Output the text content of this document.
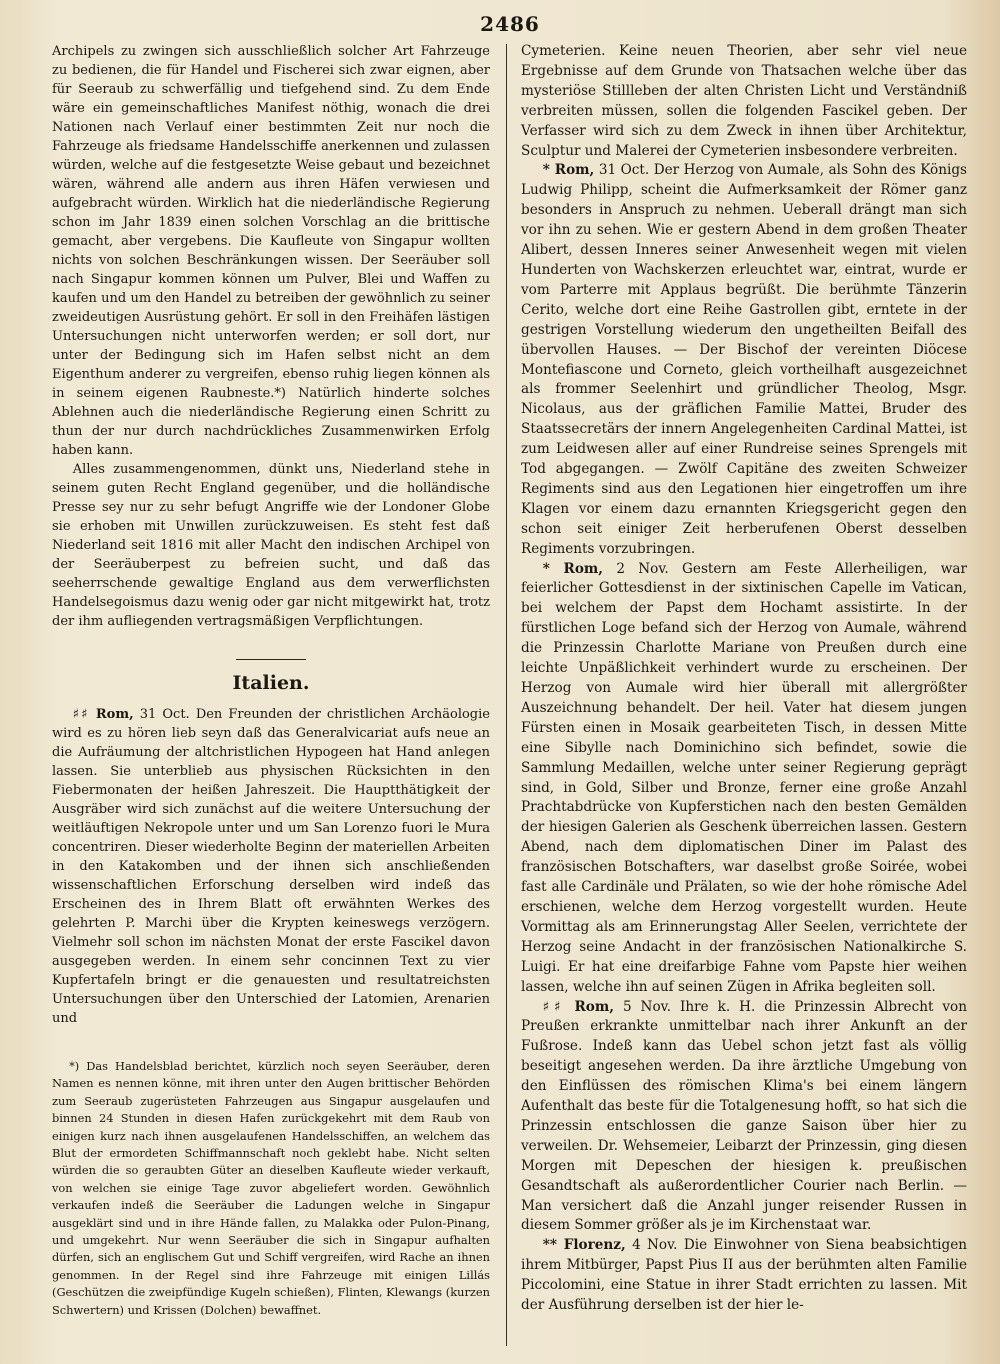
2486

Archipels zu zwingen sich ausschließlich solcher Art Fahrzeuge zu bedienen, die für Handel und Fischerei sich zwar eignen, aber für Seeraub zu schwerfällig und tiefgehend sind. Zu dem Ende wäre ein gemeinschaftliches Manifest nöthig, wonach die drei Nationen nach Verlauf einer bestimmten Zeit nur noch die Fahrzeuge als friedsame Handelsschiffe anerkennen und zulassen würden, welche auf die festgesetzte Weise gebaut und bezeichnet wären, während alle andern aus ihren Häfen verwiesen und aufgebracht würden. Wirklich hat die niederländische Regierung schon im Jahr 1839 einen solchen Vorschlag an die brittische gemacht, aber vergebens. Die Kaufleute von Singapur wollten nichts von solchen Beschränkungen wissen. Der Seeräuber soll nach Singapur kommen können um Pulver, Blei und Waffen zu kaufen und um den Handel zu betreiben der gewöhnlich zu seiner zweideutigen Ausrüstung gehört. Er soll in den Freihäfen lästigen Untersuchungen nicht unterworfen werden; er soll dort, nur unter der Bedingung sich im Hafen selbst nicht an dem Eigenthum anderer zu vergreifen, ebenso ruhig liegen können als in seinem eigenen Raubneste.*) Natürlich hinderte solches Ablehnen auch die niederländische Regierung einen Schritt zu thun der nur durch nachdrückliches Zusammenwirken Erfolg haben kann.

Alles zusammengenommen, dünkt uns, Niederland stehe in seinem guten Recht England gegenüber, und die holländische Presse sey nur zu sehr befugt Angriffe wie der Londoner Globe sie erhoben mit Unwillen zurückzuweisen. Es steht fest daß Niederland seit 1816 mit aller Macht den indischen Archipel von der Seeräuberpest zu befreien sucht, und daß das seeherrschende gewaltige England aus dem verwerflichsten Handelsegoismus dazu wenig oder gar nicht mitgewirkt hat, trotz der ihm aufliegenden vertragsmäßigen Verpflichtungen.

Italien.

♯♯ Rom, 31 Oct. Den Freunden der christlichen Archäologie wird es zu hören lieb seyn daß das Generalvicariat aufs neue an die Aufräumung der altchristlichen Hypogeen hat Hand anlegen lassen. Sie unterblieb aus physischen Rücksichten in den Fiebermonaten der heißen Jahreszeit. Die Hauptthätigkeit der Ausgräber wird sich zunächst auf die weitere Untersuchung der weitläuftigen Nekropole unter und um San Lorenzo fuori le Mura concentriren. Dieser wiederholte Beginn der materiellen Arbeiten in den Katakomben und der ihnen sich anschließenden wissenschaftlichen Erforschung derselben wird indeß das Erscheinen des in Ihrem Blatt oft erwähnten Werkes des gelehrten P. Marchi über die Krypten keineswegs verzögern. Vielmehr soll schon im nächsten Monat der erste Fascikel davon ausgegeben werden. In einem sehr concinnen Text zu vier Kupfertafeln bringt er die genauesten und resultatreichsten Untersuchungen über den Unterschied der Latomien, Arenarien und

*) Das Handelsblad berichtet, kürzlich noch seyen Seeräuber, deren Namen es nennen könne, mit ihren unter den Augen brittischer Behörden zum Seeraub zugerüsteten Fahrzeugen aus Singapur ausgelaufen und binnen 24 Stunden in diesen Hafen zurückgekehrt mit dem Raub von einigen kurz nach ihnen ausgelaufenen Handelsschiffen, an welchem das Blut der ermordeten Schiffmannschaft noch geklebt habe. Nicht selten würden die so geraubten Güter an dieselben Kaufleute wieder verkauft, von welchen sie einige Tage zuvor abgeliefert worden. Gewöhnlich verkaufen indeß die Seeräuber die Ladungen welche in Singapur ausgeklärt sind und in ihre Hände fallen, zu Malakka oder Pulon-Pinang, und umgekehrt. Nur wenn Seeräuber die sich in Singapur aufhalten dürfen, sich an englischem Gut und Schiff vergreifen, wird Rache an ihnen genommen. In der Regel sind ihre Fahrzeuge mit einigen Lillás (Geschützen die zweipfündige Kugeln schießen), Flinten, Klewangs (kurzen Schwertern) und Krissen (Dolchen) bewaffnet.

Cymeterien. Keine neuen Theorien, aber sehr viel neue Ergebnisse auf dem Grunde von Thatsachen welche über das mysteriöse Stillleben der alten Christen Licht und Verständniß verbreiten müssen, sollen die folgenden Fascikel geben. Der Verfasser wird sich zu dem Zweck in ihnen über Architektur, Sculptur und Malerei der Cymeterien insbesondere verbreiten.

* Rom, 31 Oct. Der Herzog von Aumale, als Sohn des Königs Ludwig Philipp, scheint die Aufmerksamkeit der Römer ganz besonders in Anspruch zu nehmen. Ueberall drängt man sich vor ihn zu sehen. Wie er gestern Abend in dem großen Theater Alibert, dessen Inneres seiner Anwesenheit wegen mit vielen Hunderten von Wachskerzen erleuchtet war, eintrat, wurde er vom Parterre mit Applaus begrüßt. Die berühmte Tänzerin Cerito, welche dort eine Reihe Gastrollen gibt, erntete in der gestrigen Vorstellung wiederum den ungetheilten Beifall des übervollen Hauses. — Der Bischof der vereinten Diöcese Montefiascone und Corneto, gleich vortheilhaft ausgezeichnet als frommer Seelenhirt und gründlicher Theolog, Msgr. Nicolaus, aus der gräflichen Familie Mattei, Bruder des Staatssecretärs der innern Angelegenheiten Cardinal Mattei, ist zum Leidwesen aller auf einer Rundreise seines Sprengels mit Tod abgegangen. — Zwölf Capitäne des zweiten Schweizer Regiments sind aus den Legationen hier eingetroffen um ihre Klagen vor einem dazu ernannten Kriegsgericht gegen den schon seit einiger Zeit herberufenen Oberst desselben Regiments vorzubringen.

* Rom, 2 Nov. Gestern am Feste Allerheiligen, war feierlicher Gottesdienst in der sixtinischen Capelle im Vatican, bei welchem der Papst dem Hochamt assistirte. In der fürstlichen Loge befand sich der Herzog von Aumale, während die Prinzessin Charlotte Mariane von Preußen durch eine leichte Unpäßlichkeit verhindert wurde zu erscheinen. Der Herzog von Aumale wird hier überall mit allergrößter Auszeichnung behandelt. Der heil. Vater hat diesem jungen Fürsten einen in Mosaik gearbeiteten Tisch, in dessen Mitte eine Sibylle nach Dominichino sich befindet, sowie die Sammlung Medaillen, welche unter seiner Regierung geprägt sind, in Gold, Silber und Bronze, ferner eine große Anzahl Prachtabdrücke von Kupferstichen nach den besten Gemälden der hiesigen Galerien als Geschenk überreichen lassen. Gestern Abend, nach dem diplomatischen Diner im Palast des französischen Botschafters, war daselbst große Soirée, wobei fast alle Cardinäle und Prälaten, so wie der hohe römische Adel erschienen, welche dem Herzog vorgestellt wurden. Heute Vormittag als am Erinnerungstag Aller Seelen, verrichtete der Herzog seine Andacht in der französischen Nationalkirche S. Luigi. Er hat eine dreifarbige Fahne vom Papste hier weihen lassen, welche ihn auf seinen Zügen in Afrika begleiten soll.

♯♯ Rom, 5 Nov. Ihre k. H. die Prinzessin Albrecht von Preußen erkrankte unmittelbar nach ihrer Ankunft an der Fußrose. Indeß kann das Uebel schon jetzt fast als völlig beseitigt angesehen werden. Da ihre ärztliche Umgebung von den Einflüssen des römischen Klima's bei einem längern Aufenthalt das beste für die Totalgenesung hofft, so hat sich die Prinzessin entschlossen die ganze Saison über hier zu verweilen. Dr. Wehsemeier, Leibarzt der Prinzessin, ging diesen Morgen mit Depeschen der hiesigen k. preußischen Gesandtschaft als außerordentlicher Courier nach Berlin. — Man versichert daß die Anzahl junger reisender Russen in diesem Sommer größer als je im Kirchenstaat war.

** Florenz, 4 Nov. Die Einwohner von Siena beabsichtigen ihrem Mitbürger, Papst Pius II aus der berühmten alten Familie Piccolomini, eine Statue in ihrer Stadt errichten zu lassen. Mit der Ausführung derselben ist der hier le-
